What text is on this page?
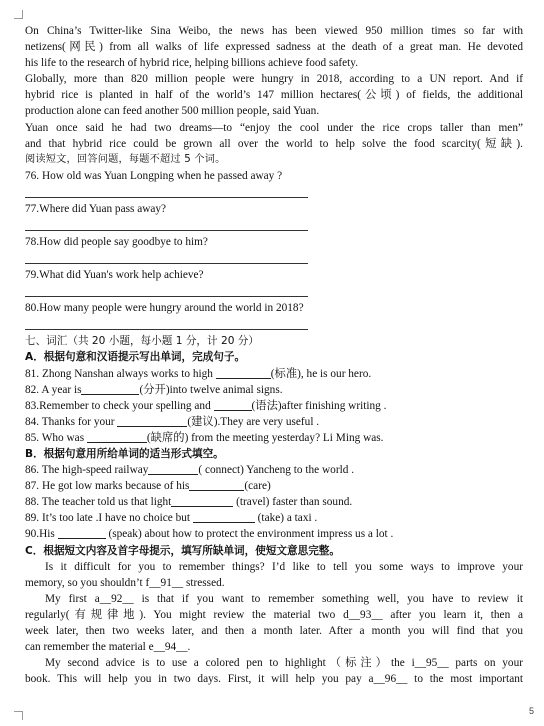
On China’s Twitter-like Sina Weibo, the news has been viewed 950 million times so far with
netizens(网民) from all walks of life expressed sadness at the death of a great man. He devoted
his life to the research of hybrid rice, helping billions achieve food safety.
Globally, more than 820 million people were hungry in 2018, according to a UN report. And if
hybrid rice is planted in half of the world’s 147 million hectares(公顷) of fields, the additional
production alone can feed another 500 million people, said Yuan.
Yuan once said he had two dreams—to “enjoy the cool under the rice crops taller than men”
and that hybrid rice could be grown all over the world to help solve the food scarcity(短缺).
阅读短文，回答问题，每题不超过 5 个词。
76. How old was Yuan Longping when he passed away ?
77.Where did Yuan pass away?
78.How did people say goodbye to him?
79.What did Yuan's work help achieve?
80.How many people were hungry around the world in 2018?
七、词汇（共 20 小题，每小题 1 分，计 20 分）
A．根据句意和汉语提示写出单词，完成句子。
81. Zhong Nanshan always works to high	(标准), he is our hero.
82. A year is	(分开)into twelve animal signs.
83.Remember to check your spelling and	(语法)after finishing writing .
84. Thanks for your	(建议).They are very useful .
85. Who was	(缺席的) from the meeting yesterday? Li Ming was.
B．根据句意用所给单词的适当形式填空。
86. The high-speed railway	( connect) Yancheng to the world .
87. He got low marks because of his	(care)
88. The teacher told us that light	(travel) faster than sound.
89. It’s too late .I have no choice but	(take) a taxi .
90.His	(speak) about how to protect the environment impress us a lot .
C．根据短文内容及首字母提示，填写所缺单词，使短文意思完整。
Is it difficult for you to remember things? I’d like to tell you some ways to improve your
memory, so you shouldn’t f__91__ stressed.
My first a__92__ is that if you want to remember something well, you have to review it
regularly(有规律地). You might review the material two d__93__ after you learn it, then a
week later, then two weeks later, and then a month later. After a month you will find that you
can remember the material e__94__.
My second advice is to use a colored pen to highlight（标注）the i__95__ parts on your
book. This will help you in two days. First, it will help you pay a__96__ to the most important
5
